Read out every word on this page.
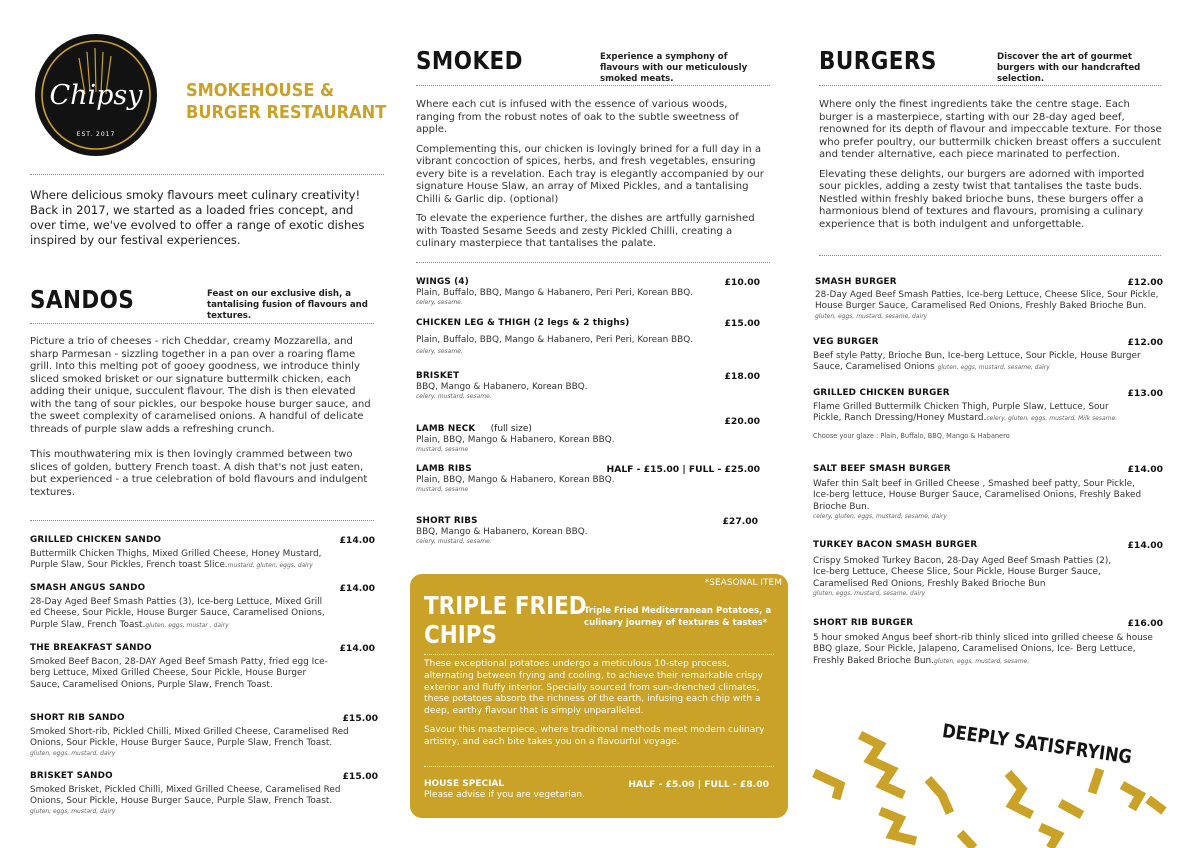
Chipsy
EST. 2017
SMOKEHOUSE &
BURGER RESTAURANT

Where delicious smoky flavours meet culinary creativity! Back in 2017, we started as a loaded fries concept, and over time, we've evolved to offer a range of exotic dishes inspired by our festival experiences.

SANDOS	Feast on our exclusive dish, a tantalising fusion of flavours and textures.

Picture a trio of cheeses - rich Cheddar, creamy Mozzarella, and sharp Parmesan - sizzling together in a pan over a roaring flame grill. Into this melting pot of gooey goodness, we introduce thinly sliced smoked brisket or our signature buttermilk chicken, each adding their unique, succulent flavour. The dish is then elevated with the tang of sour pickles, our bespoke house burger sauce, and the sweet complexity of caramelised onions. A handful of delicate threads of purple slaw adds a refreshing crunch.

This mouthwatering mix is then lovingly crammed between two slices of golden, buttery French toast. A dish that's not just eaten, but experienced - a true celebration of bold flavours and indulgent textures.

GRILLED CHICKEN SANDO	£14.00
Buttermilk Chicken Thighs, Mixed Grilled Cheese, Honey Mustard, Purple Slaw, Sour Pickles, French toast Slice.mustard, gluten, eggs, dairy
SMASH ANGUS SANDO	£14.00
28-Day Aged Beef Smash Patties (3), Ice-berg Lettuce, Mixed Grill ed Cheese, Sour Pickle, House Burger Sauce, Caramelised Onions, Purple Slaw, French Toast.gluten, eggs, mustar , dairy
THE BREAKFAST SANDO	£14.00
Smoked Beef Bacon, 28-DAY Aged Beef Smash Patty, fried egg Ice-berg Lettuce, Mixed Grilled Cheese, Sour Pickle, House Burger Sauce, Caramelised Onions, Purple Slaw, French Toast.
SHORT RIB SANDO	£15.00
Smoked Short-rib, Pickled Chilli, Mixed Grilled Cheese, Caramelised Red Onions, Sour Pickle, House Burger Sauce, Purple Slaw, French Toast.
gluten, eggs, mustard, dairy
BRISKET SANDO	£15.00
Smoked Brisket, Pickled Chilli, Mixed Grilled Cheese, Caramelised Red Onions, Sour Pickle, House Burger Sauce, Purple Slaw, French Toast.
gluten, eggs, mustard, dairy
SMOKED	Experience a symphony of flavours with our meticulously smoked meats.

Where each cut is infused with the essence of various woods, ranging from the robust notes of oak to the subtle sweetness of apple.

Complementing this, our chicken is lovingly brined for a full day in a vibrant concoction of spices, herbs, and fresh vegetables, ensuring every bite is a revelation. Each tray is elegantly accompanied by our signature House Slaw, an array of Mixed Pickles, and a tantalising Chilli & Garlic dip. (optional)

To elevate the experience further, the dishes are artfully garnished with Toasted Sesame Seeds and zesty Pickled Chilli, creating a culinary masterpiece that tantalises the palate.

WINGS (4)	£10.00
Plain, Buffalo, BBQ, Mango & Habanero, Peri Peri, Korean BBQ.
celery, sesame.
CHICKEN LEG & THIGH (2 legs & 2 thighs)	£15.00
Plain, Buffalo, BBQ, Mango & Habanero, Peri Peri, Korean BBQ.
celery, sesame.
BRISKET	£18.00
BBQ, Mango & Habanero, Korean BBQ.
celery, mustard, sesame.
LAMB NECK (full size)
£20.00
Plain, BBQ, Mango & Habanero, Korean BBQ.
mustard, sesame
LAMB RIBS	HALF - £15.00 | FULL - £25.00
Plain, BBQ, Mango & Habanero, Korean BBQ.
mustard, sesame
SHORT RIBS	£27.00
BBQ, Mango & Habanero, Korean BBQ.
celery, mustard, sesame.
*SEASONAL ITEM
TRIPLE FRIED
CHIPS
Triple Fried Mediterranean Potatoes, a culinary journey of textures & tastes*

These exceptional potatoes undergo a meticulous 10-step process, alternating between frying and cooling, to achieve their remarkable crispy exterior and fluffy interior. Specially sourced from sun-drenched climates, these potatoes absorb the richness of the earth, infusing each chip with a deep, earthy flavour that is simply unparalleled.

Savour this masterpiece, where traditional methods meet modern culinary artistry, and each bite takes you on a flavourful voyage.

HOUSE SPECIAL	HALF - £5.00 | FULL - £8.00
Please advise if you are vegetarian.
BURGERS	Discover the art of gourmet burgers with our handcrafted selection.

Where only the finest ingredients take the centre stage. Each burger is a masterpiece, starting with our 28-day aged beef, renowned for its depth of flavour and impeccable texture. For those who prefer poultry, our buttermilk chicken breast offers a succulent and tender alternative, each piece marinated to perfection.

Elevating these delights, our burgers are adorned with imported sour pickles, adding a zesty twist that tantalises the taste buds. Nestled within freshly baked brioche buns, these burgers offer a harmonious blend of textures and flavours, promising a culinary experience that is both indulgent and unforgettable.

SMASH BURGER	£12.00
28-Day Aged Beef Smash Patties, Ice-berg Lettuce, Cheese Slice, Sour Pickle, House Burger Sauce, Caramelised Red Onions, Freshly Baked Brioche Bun.
gluten, eggs, mustard, sesame, dairy
VEG BURGER	£12.00
Beef style Patty, Brioche Bun, Ice-berg Lettuce, Sour Pickle, House Burger Sauce, Caramelised Onions gluten, eggs, mustard, sesame, dairy
GRILLED CHICKEN BURGER	£13.00
Flame Grilled Buttermilk Chicken Thigh, Purple Slaw, Lettuce, Sour Pickle, Ranch Dressing/Honey Mustard.celery, gluten, eggs, mustard, Milk sesame.
Choose your glaze : Plain, Buffalo, BBQ, Mango & Habanero
SALT BEEF SMASH BURGER	£14.00
Wafer thin Salt beef in Grilled Cheese , Smashed beef patty, Sour Pickle, Ice-berg lettuce, House Burger Sauce, Caramelised Onions, Freshly Baked Brioche Bun.
celery, gluten, eggs, mustard, sesame, dairy
TURKEY BACON SMASH BURGER	£14.00
Crispy Smoked Turkey Bacon, 28-Day Aged Beef Smash Patties (2), Ice-berg Lettuce, Cheese Slice, Sour Pickle, House Burger Sauce, Caramelised Red Onions, Freshly Baked Brioche Bun
gluten, eggs, mustard, sesame, dairy
SHORT RIB BURGER	£16.00
5 hour smoked Angus beef short-rib thinly sliced into grilled cheese & house BBQ glaze, Sour Pickle, Jalapeno, Caramelised Onions, Ice- Berg Lettuce, Freshly Baked Brioche Bun.gluten, eggs, mustard, sesame.
DEEPLY SATISFRYING
